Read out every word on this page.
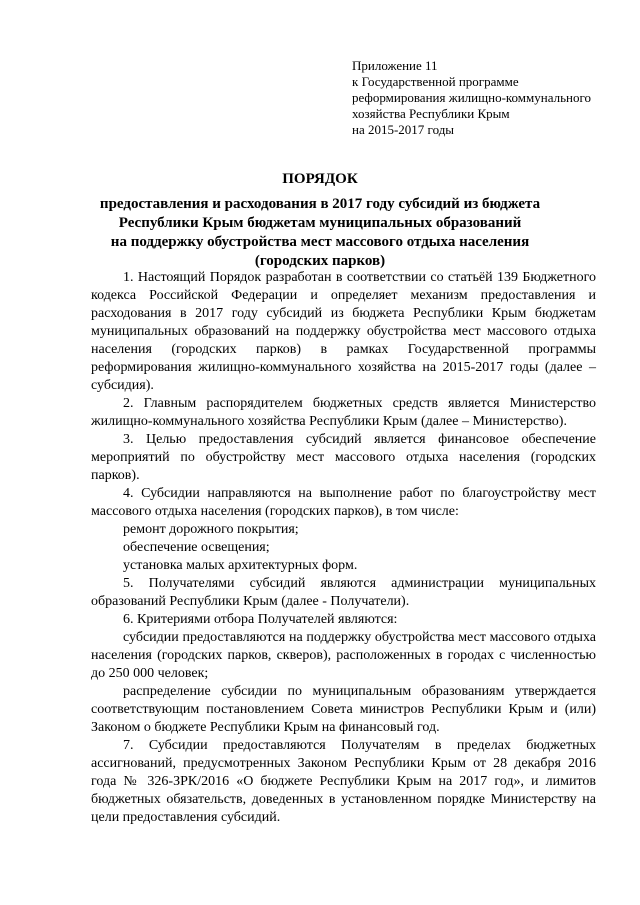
Приложение 11
к Государственной программе
реформирования жилищно-коммунального
хозяйства Республики Крым
на 2015-2017 годы
ПОРЯДОК
предоставления и расходования в 2017 году субсидий из бюджета
Республики Крым бюджетам муниципальных образований
на поддержку обустройства мест массового отдыха населения
(городских парков)

1. Настоящий Порядок разработан в соответствии со статьёй 139 Бюджетного кодекса Российской Федерации и определяет механизм предоставления и расходования в 2017 году субсидий из бюджета Республики Крым бюджетам муниципальных образований на поддержку обустройства мест массового отдыха населения (городских парков) в рамках Государственной программы реформирования жилищно-коммунального хозяйства на 2015-2017 годы (далее – субсидия).

2. Главным распорядителем бюджетных средств является Министерство жилищно-коммунального хозяйства Республики Крым (далее – Министерство).

3. Целью предоставления субсидий является финансовое обеспечение мероприятий по обустройству мест массового отдыха населения (городских парков).

4. Субсидии направляются на выполнение работ по благоустройству мест массового отдыха населения (городских парков), в том числе:

ремонт дорожного покрытия;

обеспечение освещения;

установка малых архитектурных форм.

5. Получателями субсидий являются администрации муниципальных образований Республики Крым (далее - Получатели).

6. Критериями отбора Получателей являются:

субсидии предоставляются на поддержку обустройства мест массового отдыха населения (городских парков, скверов), расположенных в городах с численностью до 250 000 человек;

распределение субсидии по муниципальным образованиям утверждается соответствующим постановлением Совета министров Республики Крым и (или) Законом о бюджете Республики Крым на финансовый год.

7. Субсидии предоставляются Получателям в пределах бюджетных ассигнований, предусмотренных Законом Республики Крым от 28 декабря 2016 года № 326-ЗРК/2016 «О бюджете Республики Крым на 2017 год», и лимитов бюджетных обязательств, доведенных в установленном порядке Министерству на цели предоставления субсидий.
